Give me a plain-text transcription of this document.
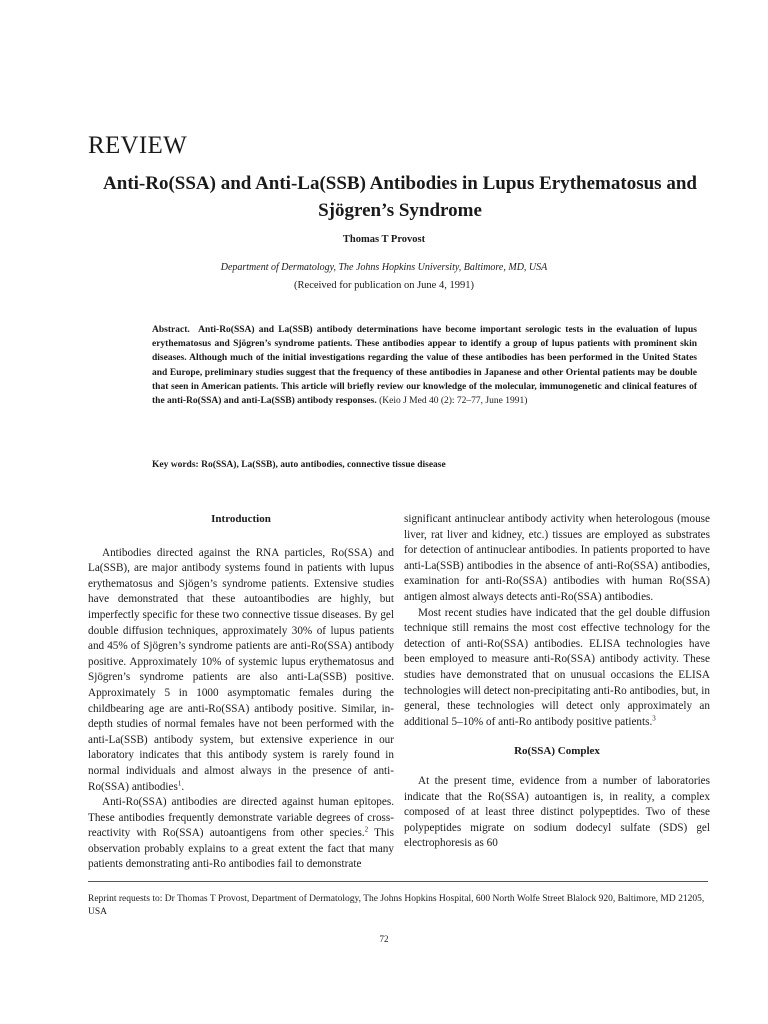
REVIEW
Anti-Ro(SSA) and Anti-La(SSB) Antibodies in Lupus Erythematosus and Sjögren’s Syndrome
Thomas T Provost
Department of Dermatology, The Johns Hopkins University, Baltimore, MD, USA
(Received for publication on June 4, 1991)
Abstract. Anti-Ro(SSA) and La(SSB) antibody determinations have become important serologic tests in the evaluation of lupus erythematosus and Sjögren’s syndrome patients. These antibodies appear to identify a group of lupus patients with prominent skin diseases. Although much of the initial investigations regarding the value of these antibodies has been performed in the United States and Europe, preliminary studies suggest that the frequency of these antibodies in Japanese and other Oriental patients may be double that seen in American patients. This article will briefly review our knowledge of the molecular, immunogenetic and clinical features of the anti-Ro(SSA) and anti-La(SSB) antibody responses. (Keio J Med 40 (2): 72–77, June 1991)
Key words: Ro(SSA), La(SSB), auto antibodies, connective tissue disease
Introduction

Antibodies directed against the RNA particles, Ro(SSA) and La(SSB), are major antibody systems found in patients with lupus erythematosus and Sjögen’s syndrome patients. Extensive studies have demonstrated that these autoantibodies are highly, but imperfectly specific for these two connective tissue diseases. By gel double diffusion techniques, approximately 30% of lupus patients and 45% of Sjögren’s syndrome patients are anti-Ro(SSA) antibody positive. Approximately 10% of systemic lupus erythematosus and Sjögren’s syndrome patients are also anti-La(SSB) positive. Approximately 5 in 1000 asymptomatic females during the childbearing age are anti-Ro(SSA) antibody positive. Similar, in-depth studies of normal females have not been performed with the anti-La(SSB) antibody system, but extensive experience in our laboratory indicates that this antibody system is rarely found in normal individuals and almost always in the presence of anti-Ro(SSA) antibodies$^1$.

Anti-Ro(SSA) antibodies are directed against human epitopes. These antibodies frequently demonstrate variable degrees of cross-reactivity with Ro(SSA) autoantigens from other species.$^2$ This observation probably explains to a great extent the fact that many patients demonstrating anti-Ro antibodies fail to demonstrate

significant antinuclear antibody activity when heterologous (mouse liver, rat liver and kidney, etc.) tissues are employed as substrates for detection of antinuclear antibodies. In patients proported to have anti-La(SSB) antibodies in the absence of anti-Ro(SSA) antibodies, examination for anti-Ro(SSA) antibodies with human Ro(SSA) antigen almost always detects anti-Ro(SSA) antibodies.

Most recent studies have indicated that the gel double diffusion technique still remains the most cost effective technology for the detection of anti-Ro(SSA) antibodies. ELISA technologies have been employed to measure anti-Ro(SSA) antibody activity. These studies have demonstrated that on unusual occasions the ELISA technologies will detect non-precipitating anti-Ro antibodies, but, in general, these technologies will detect only approximately an additional 5–10% of anti-Ro antibody positive patients.$^3$

Ro(SSA) Complex

At the present time, evidence from a number of laboratories indicate that the Ro(SSA) autoantigen is, in reality, a complex composed of at least three distinct polypeptides. Two of these polypeptides migrate on sodium dodecyl sulfate (SDS) gel electrophoresis as 60

Reprint requests to: Dr Thomas T Provost, Department of Dermatology, The Johns Hopkins Hospital, 600 North Wolfe Street Blalock 920, Baltimore, MD 21205, USA
72
